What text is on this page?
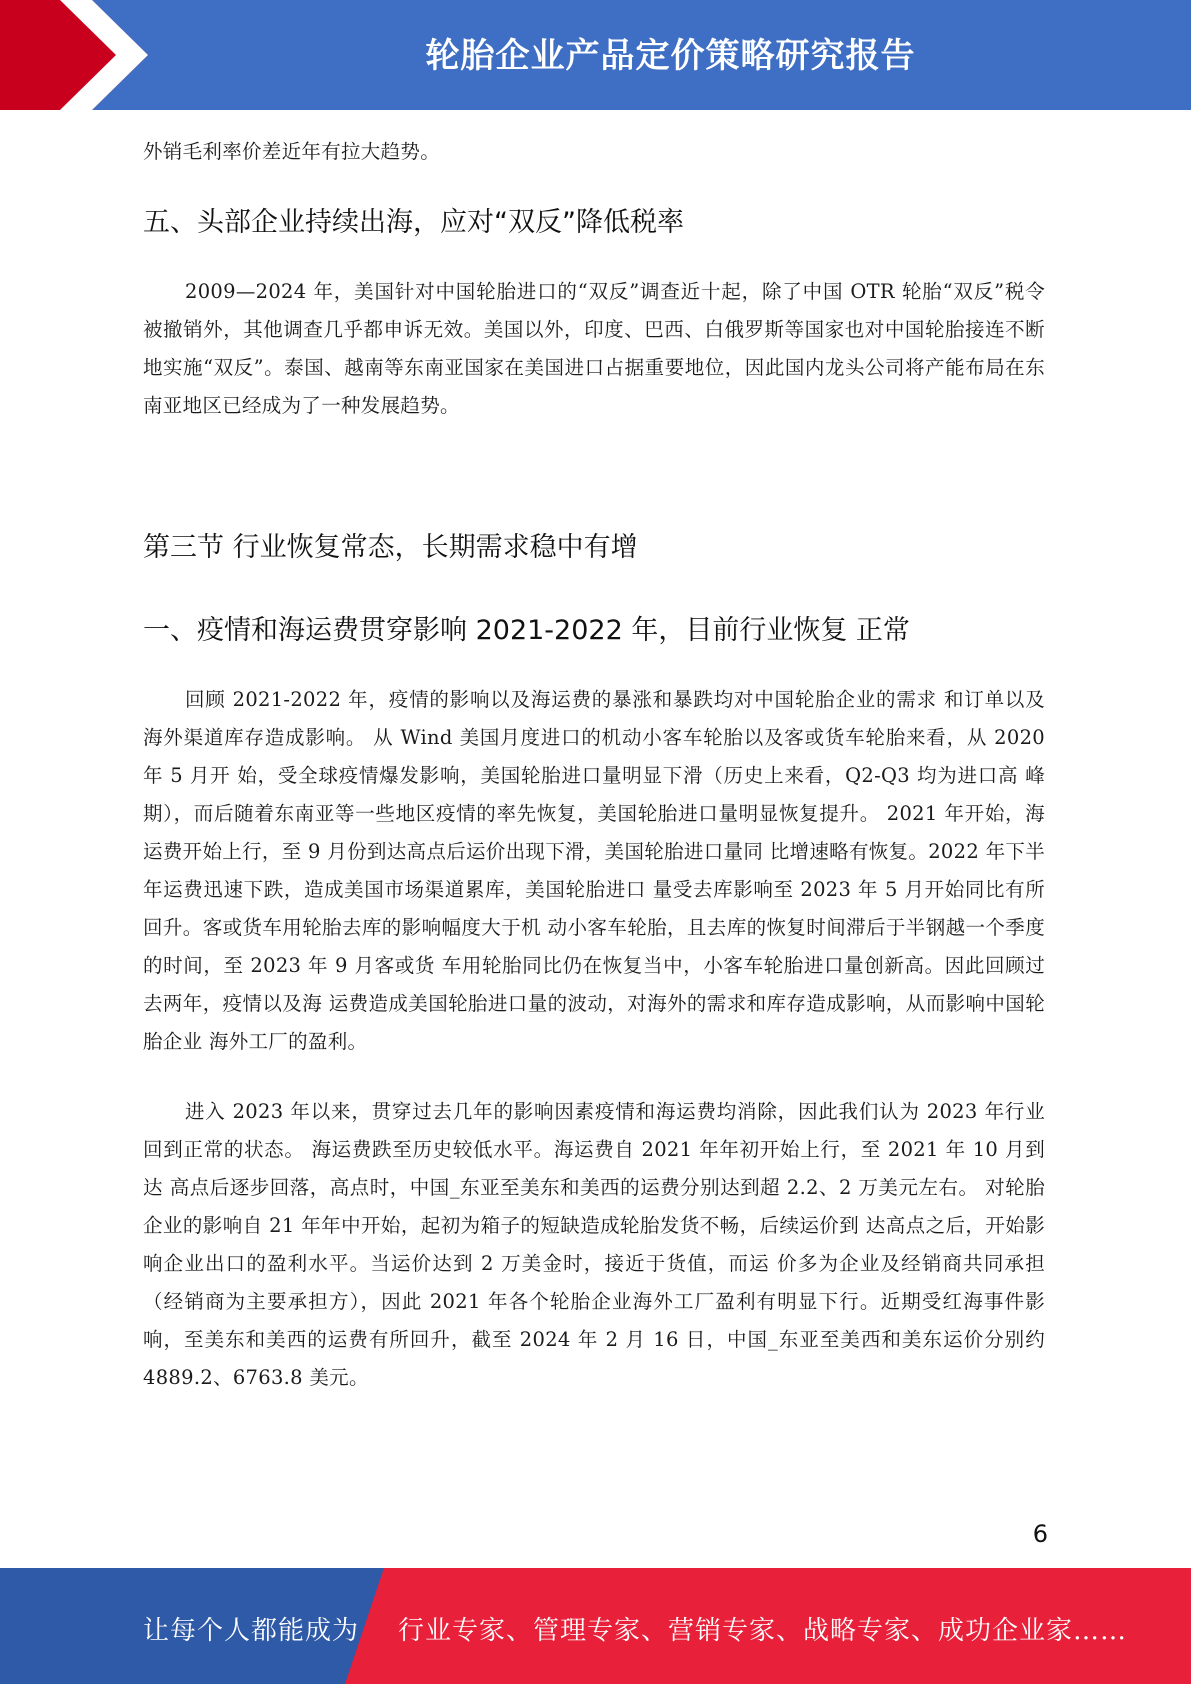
轮胎企业产品定价策略研究报告

外销毛利率价差近年有拉大趋势。

五、头部企业持续出海，应对“双反”降低税率

2009—2024 年，美国针对中国轮胎进口的“双反”调查近十起，除了中国 OTR 轮胎“双反”税令被撤销外，其他调查几乎都申诉无效。美国以外，印度、巴西、白俄罗斯等国家也对中国轮胎接连不断地实施“双反”。泰国、越南等东南亚国家在美国进口占据重要地位，因此国内龙头公司将产能布局在东南亚地区已经成为了一种发展趋势。

第三节 行业恢复常态，长期需求稳中有增
一、疫情和海运费贯穿影响 2021-2022 年，目前行业恢复 正常

回顾 2021-2022 年，疫情的影响以及海运费的暴涨和暴跌均对中国轮胎企业的需求 和订单以及海外渠道库存造成影响。 从 Wind 美国月度进口的机动小客车轮胎以及客或货车轮胎来看，从 2020 年 5 月开 始，受全球疫情爆发影响，美国轮胎进口量明显下滑（历史上来看，Q2-Q3 均为进口高 峰期），而后随着东南亚等一些地区疫情的率先恢复，美国轮胎进口量明显恢复提升。 2021 年开始，海运费开始上行，至 9 月份到达高点后运价出现下滑，美国轮胎进口量同 比增速略有恢复。2022 年下半年运费迅速下跌，造成美国市场渠道累库，美国轮胎进口 量受去库影响至 2023 年 5 月开始同比有所回升。客或货车用轮胎去库的影响幅度大于机 动小客车轮胎，且去库的恢复时间滞后于半钢越一个季度的时间，至 2023 年 9 月客或货 车用轮胎同比仍在恢复当中，小客车轮胎进口量创新高。因此回顾过去两年，疫情以及海 运费造成美国轮胎进口量的波动，对海外的需求和库存造成影响，从而影响中国轮胎企业 海外工厂的盈利。

进入 2023 年以来，贯穿过去几年的影响因素疫情和海运费均消除，因此我们认为 2023 年行业回到正常的状态。 海运费跌至历史较低水平。海运费自 2021 年年初开始上行，至 2021 年 10 月到达 高点后逐步回落，高点时，中国_东亚至美东和美西的运费分别达到超 2.2、2 万美元左右。 对轮胎企业的影响自 21 年年中开始，起初为箱子的短缺造成轮胎发货不畅，后续运价到 达高点之后，开始影响企业出口的盈利水平。当运价达到 2 万美金时，接近于货值，而运 价多为企业及经销商共同承担（经销商为主要承担方），因此 2021 年各个轮胎企业海外工厂盈利有明显下行。近期受红海事件影响，至美东和美西的运费有所回升，截至 2024 年 2 月 16 日，中国_东亚至美西和美东运价分别约 4889.2、6763.8 美元。

6
让每个人都能成为 行业专家、管理专家、营销专家、战略专家、成功企业家……
